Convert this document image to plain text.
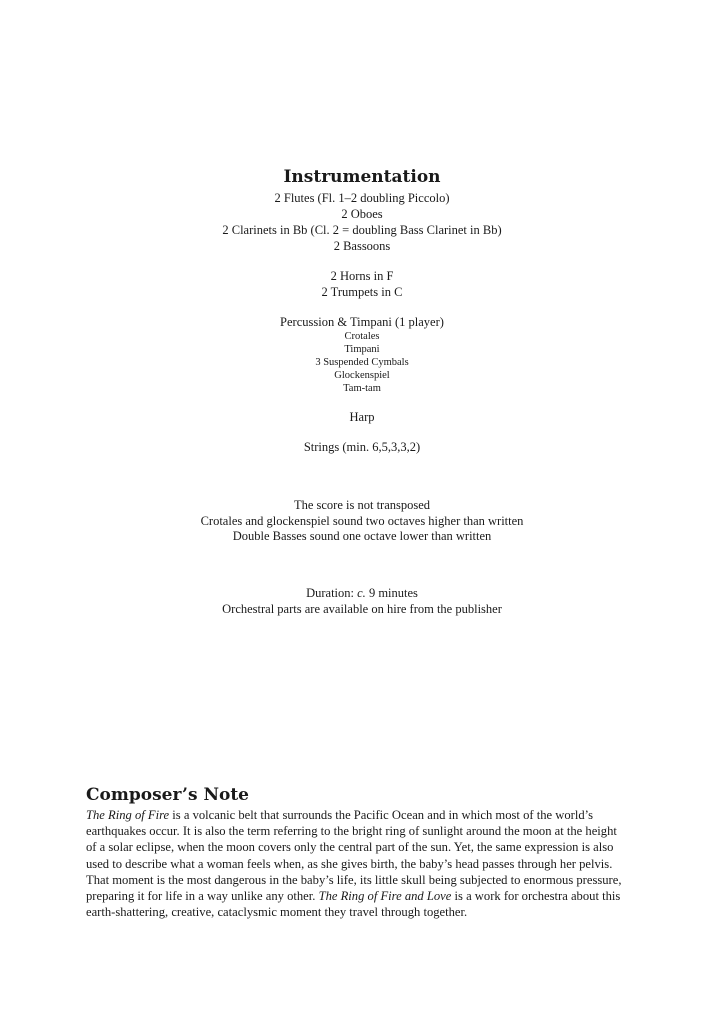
Instrumentation

2 Flutes (Fl. 1–2 doubling Piccolo)

2 Oboes

2 Clarinets in Bb (Cl. 2 = doubling Bass Clarinet in Bb)

2 Bassoons

2 Horns in F

2 Trumpets in C

Percussion & Timpani (1 player)

Crotales

Timpani

3 Suspended Cymbals

Glockenspiel

Tam-tam

Harp

Strings (min. 6,5,3,3,2)

The score is not transposed

Crotales and glockenspiel sound two octaves higher than written

Double Basses sound one octave lower than written

Duration: c. 9 minutes

Orchestral parts are available on hire from the publisher

Composer’s Note

The Ring of Fire is a volcanic belt that surrounds the Pacific Ocean and in which most of the world’s
earthquakes occur. It is also the term referring to the bright ring of sunlight around the moon at the height
of a solar eclipse, when the moon covers only the central part of the sun. Yet, the same expression is also
used to describe what a woman feels when, as she gives birth, the baby’s head passes through her pelvis.
That moment is the most dangerous in the baby’s life, its little skull being subjected to enormous pressure,
preparing it for life in a way unlike any other. The Ring of Fire and Love is a work for orchestra about this
earth-shattering, creative, cataclysmic moment they travel through together.
